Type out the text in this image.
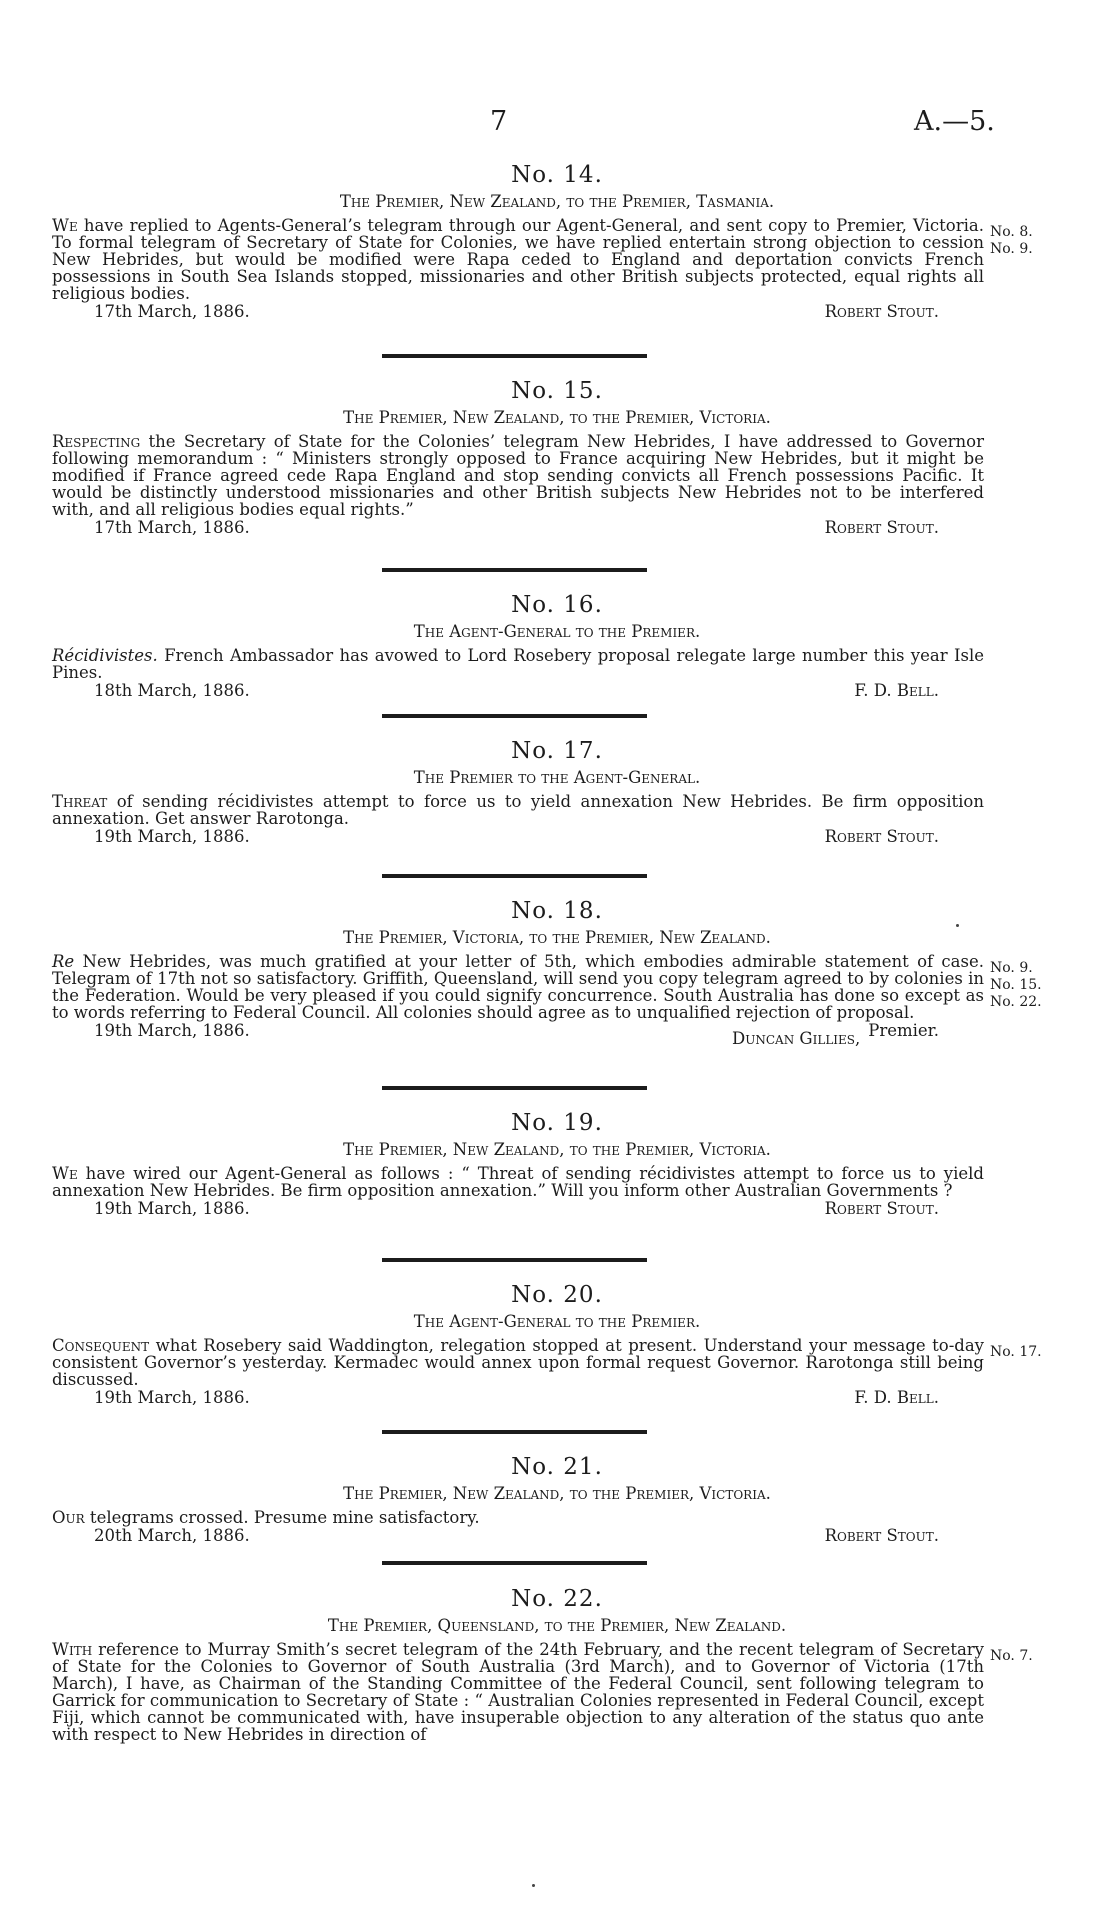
7	A.—5.
No. 14.
The Premier, New Zealand, to the Premier, Tasmania.
We have replied to Agents-General’s telegram through our Agent-General, and sent copy to Premier, Victoria. To formal telegram of Secretary of State for Colonies, we have replied entertain strong objection to cession New Hebrides, but would be modified were Rapa ceded to England and deportation convicts French possessions in South Sea Islands stopped, missionaries and other British subjects protected, equal rights all religious bodies.
17th March, 1886.	Robert Stout.
No. 8.
No. 9.
No. 15.
The Premier, New Zealand, to the Premier, Victoria.
Respecting the Secretary of State for the Colonies’ telegram New Hebrides, I have addressed to Governor following memorandum : “ Ministers strongly opposed to France acquiring New Hebrides, but it might be modified if France agreed cede Rapa England and stop sending convicts all French possessions Pacific. It would be distinctly understood missionaries and other British subjects New Hebrides not to be interfered with, and all religious bodies equal rights.”
17th March, 1886.	Robert Stout.
No. 16.
The Agent-General to the Premier.
Récidivistes. French Ambassador has avowed to Lord Rosebery proposal relegate large number this year Isle Pines.
18th March, 1886.	F. D. Bell.
No. 17.
The Premier to the Agent-General.
Threat of sending récidivistes attempt to force us to yield annexation New Hebrides. Be firm opposition annexation. Get answer Rarotonga.
19th March, 1886.	Robert Stout.
No. 18.
The Premier, Victoria, to the Premier, New Zealand.
Re New Hebrides, was much gratified at your letter of 5th, which embodies admirable statement of case. Telegram of 17th not so satisfactory. Griffith, Queensland, will send you copy telegram agreed to by colonies in the Federation. Would be very pleased if you could signify concurrence. South Australia has done so except as to words referring to Federal Council. All colonies should agree as to unqualified rejection of proposal.
19th March, 1886.	Premier.
No. 9.
No. 15.
No. 22.
Duncan Gillies,
No. 19.
The Premier, New Zealand, to the Premier, Victoria.
We have wired our Agent-General as follows : “ Threat of sending récidivistes attempt to force us to yield annexation New Hebrides. Be firm opposition annexation.” Will you inform other Australian Governments ?
19th March, 1886.	Robert Stout.
No. 20.
The Agent-General to the Premier.
Consequent what Rosebery said Waddington, relegation stopped at present. Understand your message to-day consistent Governor’s yesterday. Kermadec would annex upon formal request Governor. Rarotonga still being discussed.
19th March, 1886.	F. D. Bell.
No. 17.
No. 21.
The Premier, New Zealand, to the Premier, Victoria.
Our telegrams crossed. Presume mine satisfactory.
20th March, 1886.	Robert Stout.
No. 22.
The Premier, Queensland, to the Premier, New Zealand.
With reference to Murray Smith’s secret telegram of the 24th February, and the recent telegram of Secretary of State for the Colonies to Governor of South Australia (3rd March), and to Governor of Victoria (17th March), I have, as Chairman of the Standing Committee of the Federal Council, sent following telegram to Garrick for communication to Secretary of State : “ Australian Colonies represented in Federal Council, except Fiji, which cannot be communicated with, have insuperable objection to any alteration of the status quo ante with respect to New Hebrides in direction of
No. 7.
